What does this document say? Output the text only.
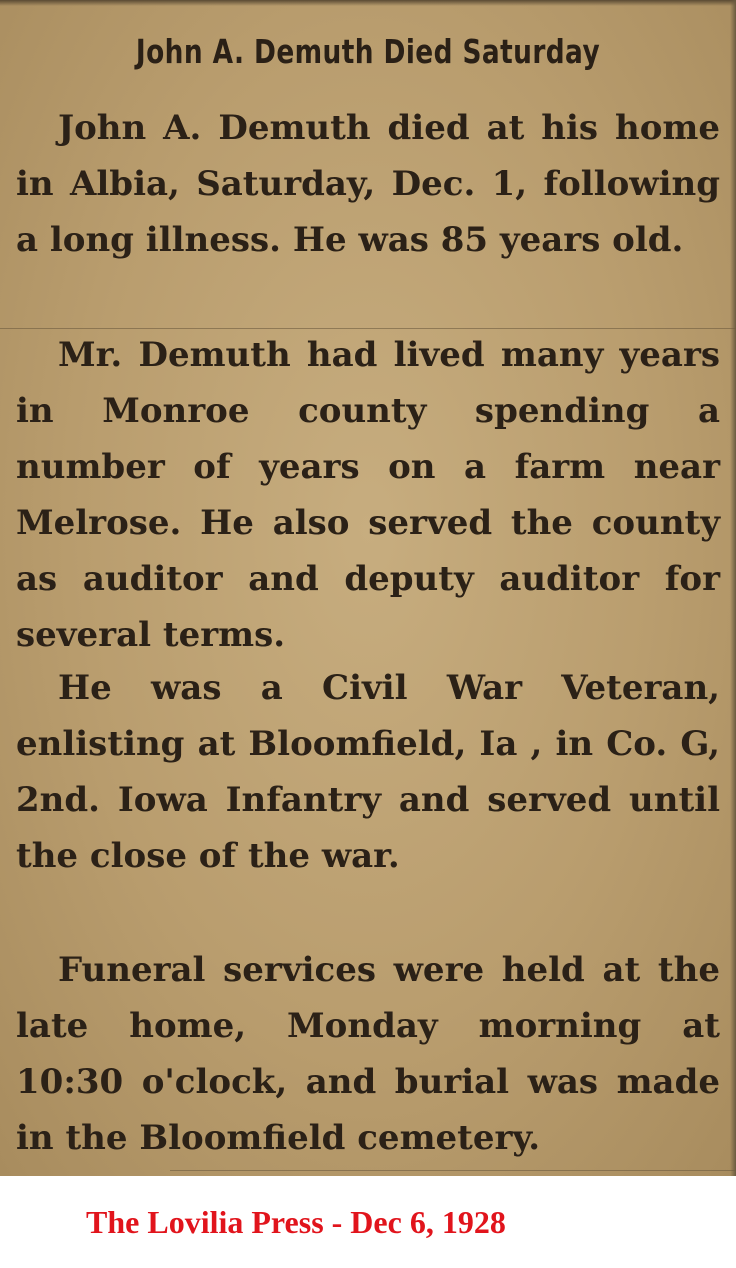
John A. Demuth Died Saturday
John A. Demuth died at his home in Albia, Saturday, Dec. 1, following a long illness. He was 85 years old.
Mr. Demuth had lived many years in Monroe county spending a number of years on a farm near Melrose. He also served the county as auditor and deputy auditor for several terms.
He was a Civil War Veteran, enlisting at Bloomfield, Ia , in Co. G, 2nd. Iowa Infantry and served until the close of the war.
Funeral services were held at the late home, Monday morning at 10:30 o'clock, and burial was made in the Bloomfield cemetery.
The Lovilia Press - Dec 6, 1928
